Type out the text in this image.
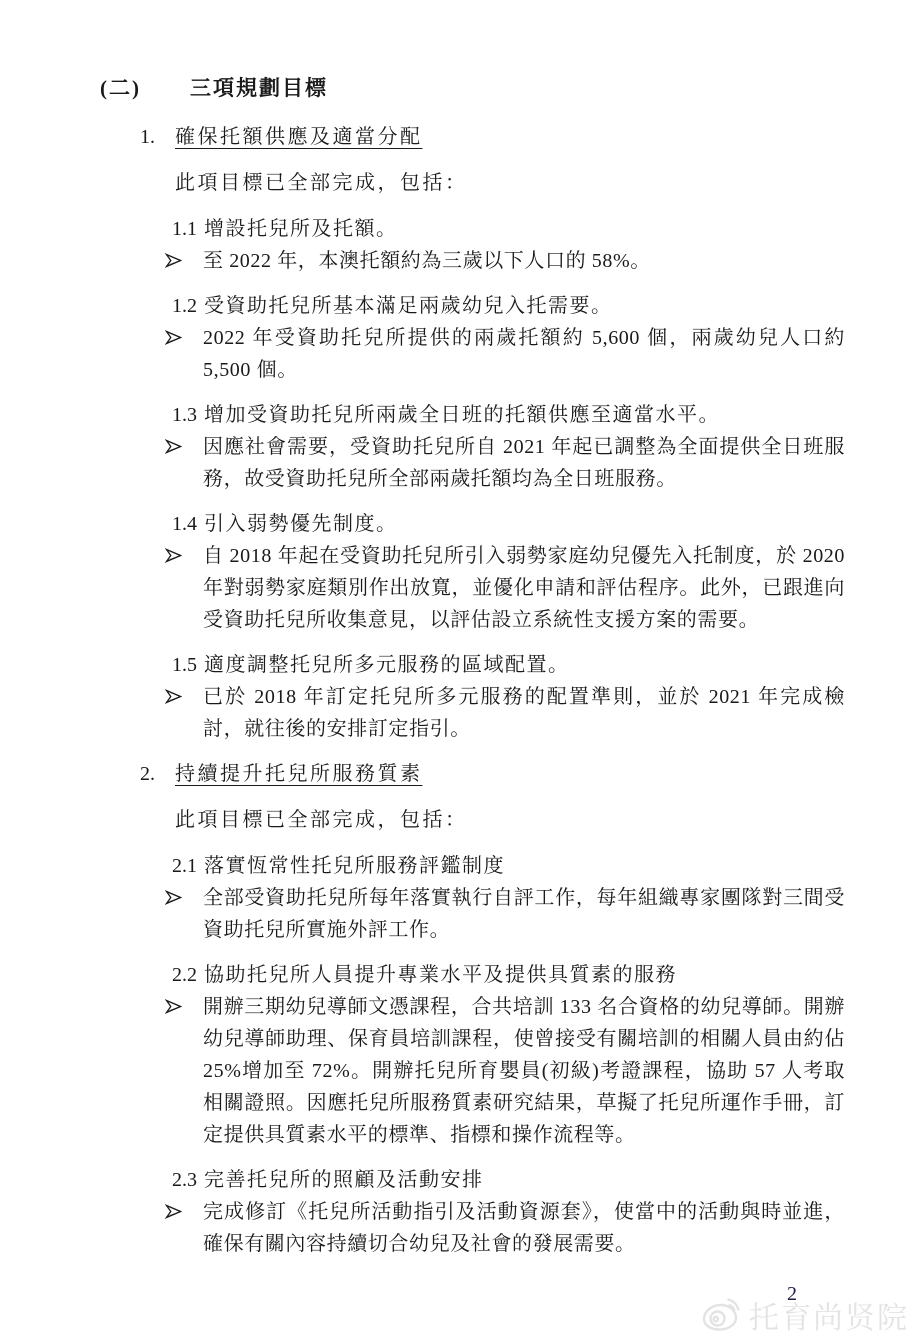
(二)	三項規劃目標
1.	確保托額供應及適當分配
此項目標已全部完成，包括：
1.1 增設托兒所及托額。
至 2022 年，本澳托額約為三歲以下人口的 58%。
1.2 受資助托兒所基本滿足兩歲幼兒入托需要。
2022 年受資助托兒所提供的兩歲托額約 5,600 個，兩歲幼兒人口約 5,500 個。
1.3 增加受資助托兒所兩歲全日班的托額供應至適當水平。
因應社會需要，受資助托兒所自 2021 年起已調整為全面提供全日班服務，故受資助托兒所全部兩歲托額均為全日班服務。
1.4 引入弱勢優先制度。
自 2018 年起在受資助托兒所引入弱勢家庭幼兒優先入托制度，於 2020 年對弱勢家庭類別作出放寬，並優化申請和評估程序。此外，已跟進向受資助托兒所收集意見，以評估設立系統性支援方案的需要。
1.5 適度調整托兒所多元服務的區域配置。
已於 2018 年訂定托兒所多元服務的配置準則，並於 2021 年完成檢討，就往後的安排訂定指引。
2.	持續提升托兒所服務質素
此項目標已全部完成，包括：
2.1 落實恆常性托兒所服務評鑑制度
全部受資助托兒所每年落實執行自評工作，每年組織專家團隊對三間受資助托兒所實施外評工作。
2.2 協助托兒所人員提升專業水平及提供具質素的服務
開辦三期幼兒導師文憑課程，合共培訓 133 名合資格的幼兒導師。開辦幼兒導師助理、保育員培訓課程，使曾接受有關培訓的相關人員由約佔 25%增加至 72%。開辦托兒所育嬰員(初級)考證課程，協助 57 人考取相關證照。因應托兒所服務質素研究結果，草擬了托兒所運作手冊，訂定提供具質素水平的標準、指標和操作流程等。
2.3 完善托兒所的照顧及活動安排
完成修訂《托兒所活動指引及活動資源套》，使當中的活動與時並進，確保有關內容持續切合幼兒及社會的發展需要。
2
托育尚贤院
